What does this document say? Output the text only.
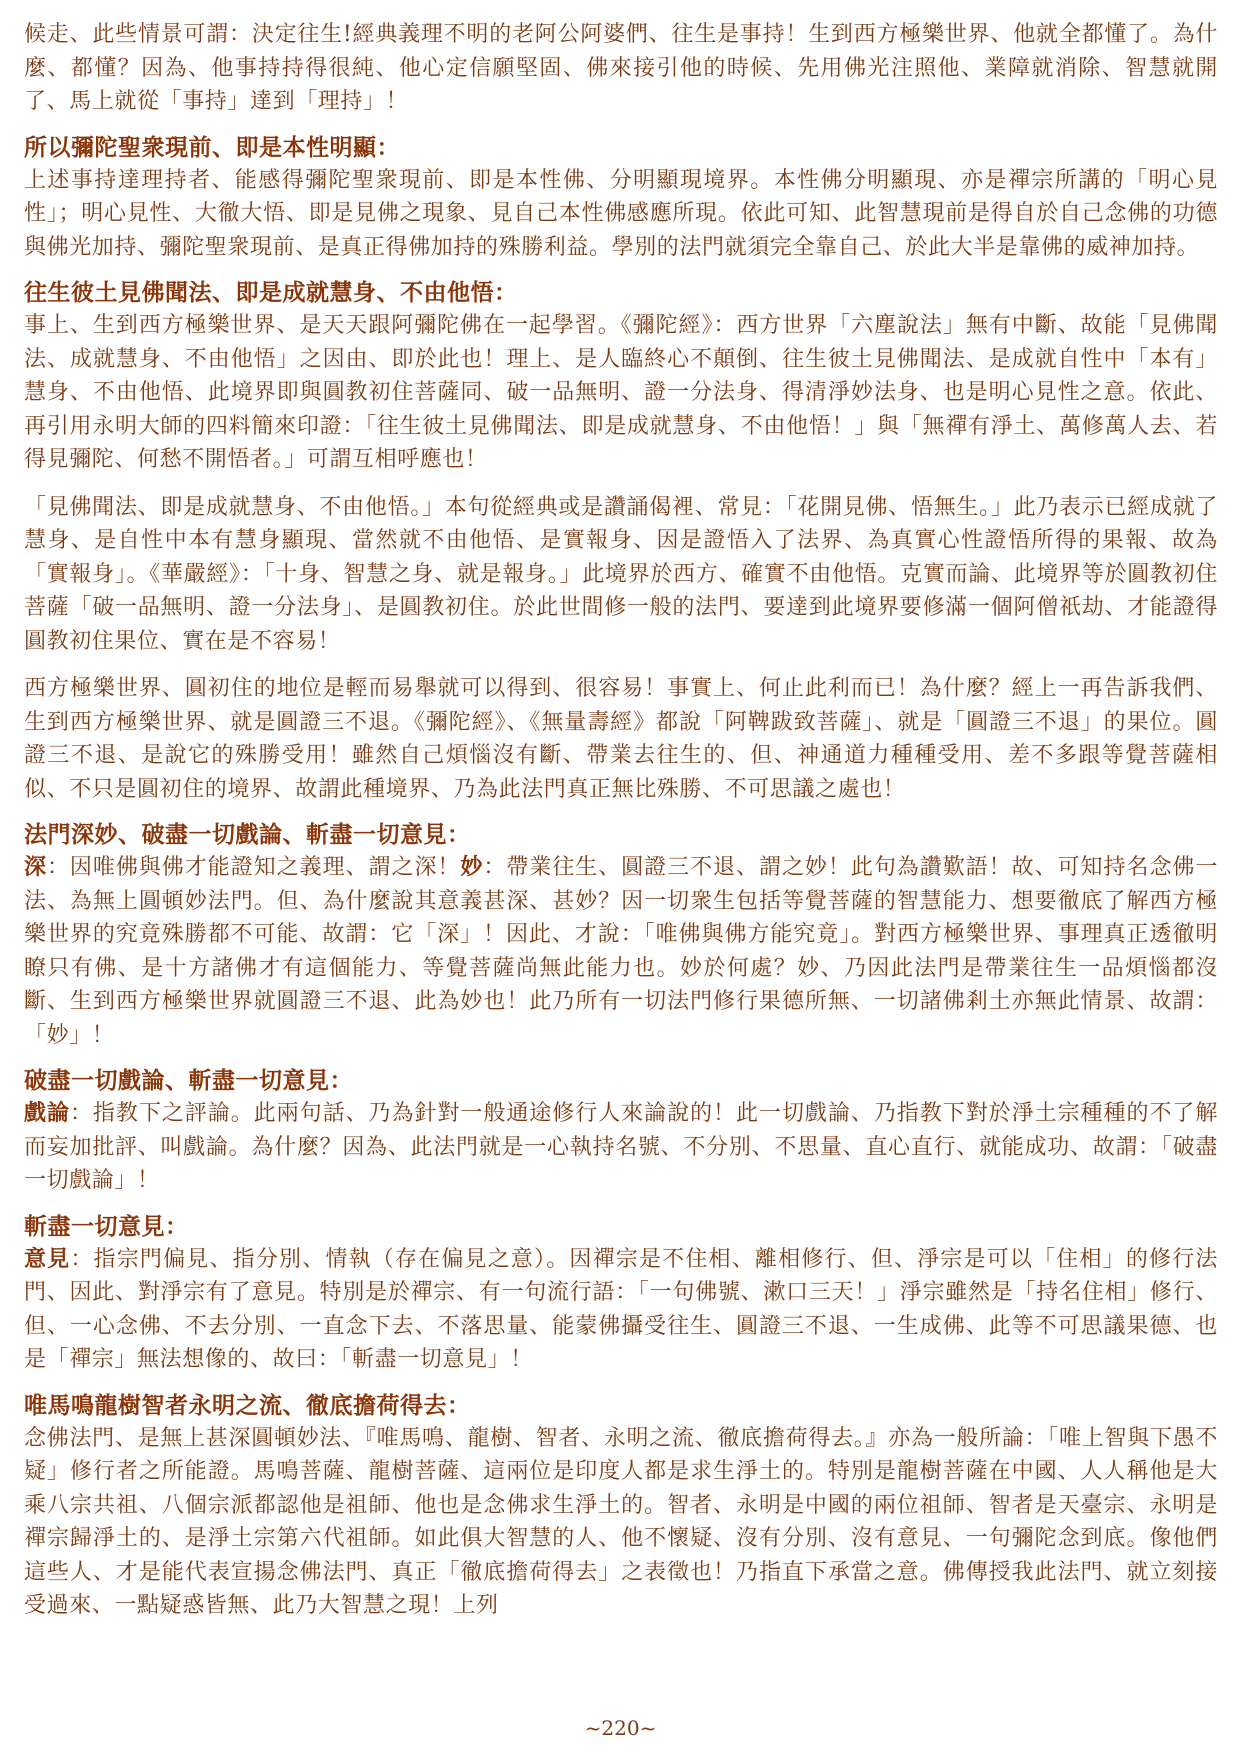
候走、此些情景可謂：決定往生!經典義理不明的老阿公阿婆們、往生是事持！生到西方極樂世界、他就全都懂了。為什麼、都懂？因為、他事持持得很純、他心定信願堅固、佛來接引他的時候、先用佛光注照他、業障就消除、智慧就開了、馬上就從「事持」達到「理持」！

所以彌陀聖衆現前、即是本性明顯：

上述事持達理持者、能感得彌陀聖衆現前、即是本性佛、分明顯現境界。本性佛分明顯現、亦是禪宗所講的「明心見性」；明心見性、大徹大悟、即是見佛之現象、見自己本性佛感應所現。依此可知、此智慧現前是得自於自己念佛的功德與佛光加持、彌陀聖衆現前、是真正得佛加持的殊勝利益。學別的法門就須完全靠自己、於此大半是靠佛的威神加持。

往生彼土見佛聞法、即是成就慧身、不由他悟：

事上、生到西方極樂世界、是天天跟阿彌陀佛在一起學習。《彌陀經》：西方世界「六塵說法」無有中斷、故能「見佛聞法、成就慧身、不由他悟」之因由、即於此也！理上、是人臨終心不顛倒、往生彼土見佛聞法、是成就自性中「本有」慧身、不由他悟、此境界即與圓教初住菩薩同、破一品無明、證一分法身、得清淨妙法身、也是明心見性之意。依此、再引用永明大師的四料簡來印證：「往生彼土見佛聞法、即是成就慧身、不由他悟！」與「無禪有淨土、萬修萬人去、若得見彌陀、何愁不開悟者。」可謂互相呼應也！

「見佛聞法、即是成就慧身、不由他悟。」本句從經典或是讚誦偈裡、常見：「花開見佛、悟無生。」此乃表示已經成就了慧身、是自性中本有慧身顯現、當然就不由他悟、是實報身、因是證悟入了法界、為真實心性證悟所得的果報、故為「實報身」。《華嚴經》：「十身、智慧之身、就是報身。」此境界於西方、確實不由他悟。克實而論、此境界等於圓教初住菩薩「破一品無明、證一分法身」、是圓教初住。於此世間修一般的法門、要達到此境界要修滿一個阿僧祇劫、才能證得圓教初住果位、實在是不容易！

西方極樂世界、圓初住的地位是輕而易舉就可以得到、很容易！事實上、何止此利而已！為什麼？經上一再告訴我們、生到西方極樂世界、就是圓證三不退。《彌陀經》、《無量壽經》都說「阿鞞跋致菩薩」、就是「圓證三不退」的果位。圓證三不退、是說它的殊勝受用！雖然自己煩惱沒有斷、帶業去往生的、但、神通道力種種受用、差不多跟等覺菩薩相似、不只是圓初住的境界、故謂此種境界、乃為此法門真正無比殊勝、不可思議之處也！

法門深妙、破盡一切戲論、斬盡一切意見：

深：因唯佛與佛才能證知之義理、謂之深！妙：帶業往生、圓證三不退、謂之妙！此句為讚歎語！故、可知持名念佛一法、為無上圓頓妙法門。但、為什麼說其意義甚深、甚妙？因一切衆生包括等覺菩薩的智慧能力、想要徹底了解西方極樂世界的究竟殊勝都不可能、故謂：它「深」！因此、才說：「唯佛與佛方能究竟」。對西方極樂世界、事理真正透徹明瞭只有佛、是十方諸佛才有這個能力、等覺菩薩尚無此能力也。妙於何處？妙、乃因此法門是帶業往生一品煩惱都沒斷、生到西方極樂世界就圓證三不退、此為妙也！此乃所有一切法門修行果德所無、一切諸佛剎土亦無此情景、故謂：「妙」！

破盡一切戲論、斬盡一切意見：

戲論：指教下之評論。此兩句話、乃為針對一般通途修行人來論說的！此一切戲論、乃指教下對於淨土宗種種的不了解而妄加批評、叫戲論。為什麼？因為、此法門就是一心執持名號、不分別、不思量、直心直行、就能成功、故謂：「破盡一切戲論」！

斬盡一切意見：

意見：指宗門偏見、指分別、情執（存在偏見之意）。因禪宗是不住相、離相修行、但、淨宗是可以「住相」的修行法門、因此、對淨宗有了意見。特別是於禪宗、有一句流行語：「一句佛號、漱口三天！」淨宗雖然是「持名住相」修行、但、一心念佛、不去分別、一直念下去、不落思量、能蒙佛攝受往生、圓證三不退、一生成佛、此等不可思議果德、也是「禪宗」無法想像的、故曰：「斬盡一切意見」！

唯馬鳴龍樹智者永明之流、徹底擔荷得去：

念佛法門、是無上甚深圓頓妙法、『唯馬鳴、龍樹、智者、永明之流、徹底擔荷得去。』亦為一般所論：「唯上智與下愚不疑」修行者之所能證。馬鳴菩薩、龍樹菩薩、這兩位是印度人都是求生淨土的。特別是龍樹菩薩在中國、人人稱他是大乘八宗共祖、八個宗派都認他是祖師、他也是念佛求生淨土的。智者、永明是中國的兩位祖師、智者是天臺宗、永明是禪宗歸淨土的、是淨土宗第六代祖師。如此俱大智慧的人、他不懷疑、沒有分別、沒有意見、一句彌陀念到底。像他們這些人、才是能代表宣揚念佛法門、真正「徹底擔荷得去」之表徵也！乃指直下承當之意。佛傳授我此法門、就立刻接受過來、一點疑惑皆無、此乃大智慧之現！上列

~220~
